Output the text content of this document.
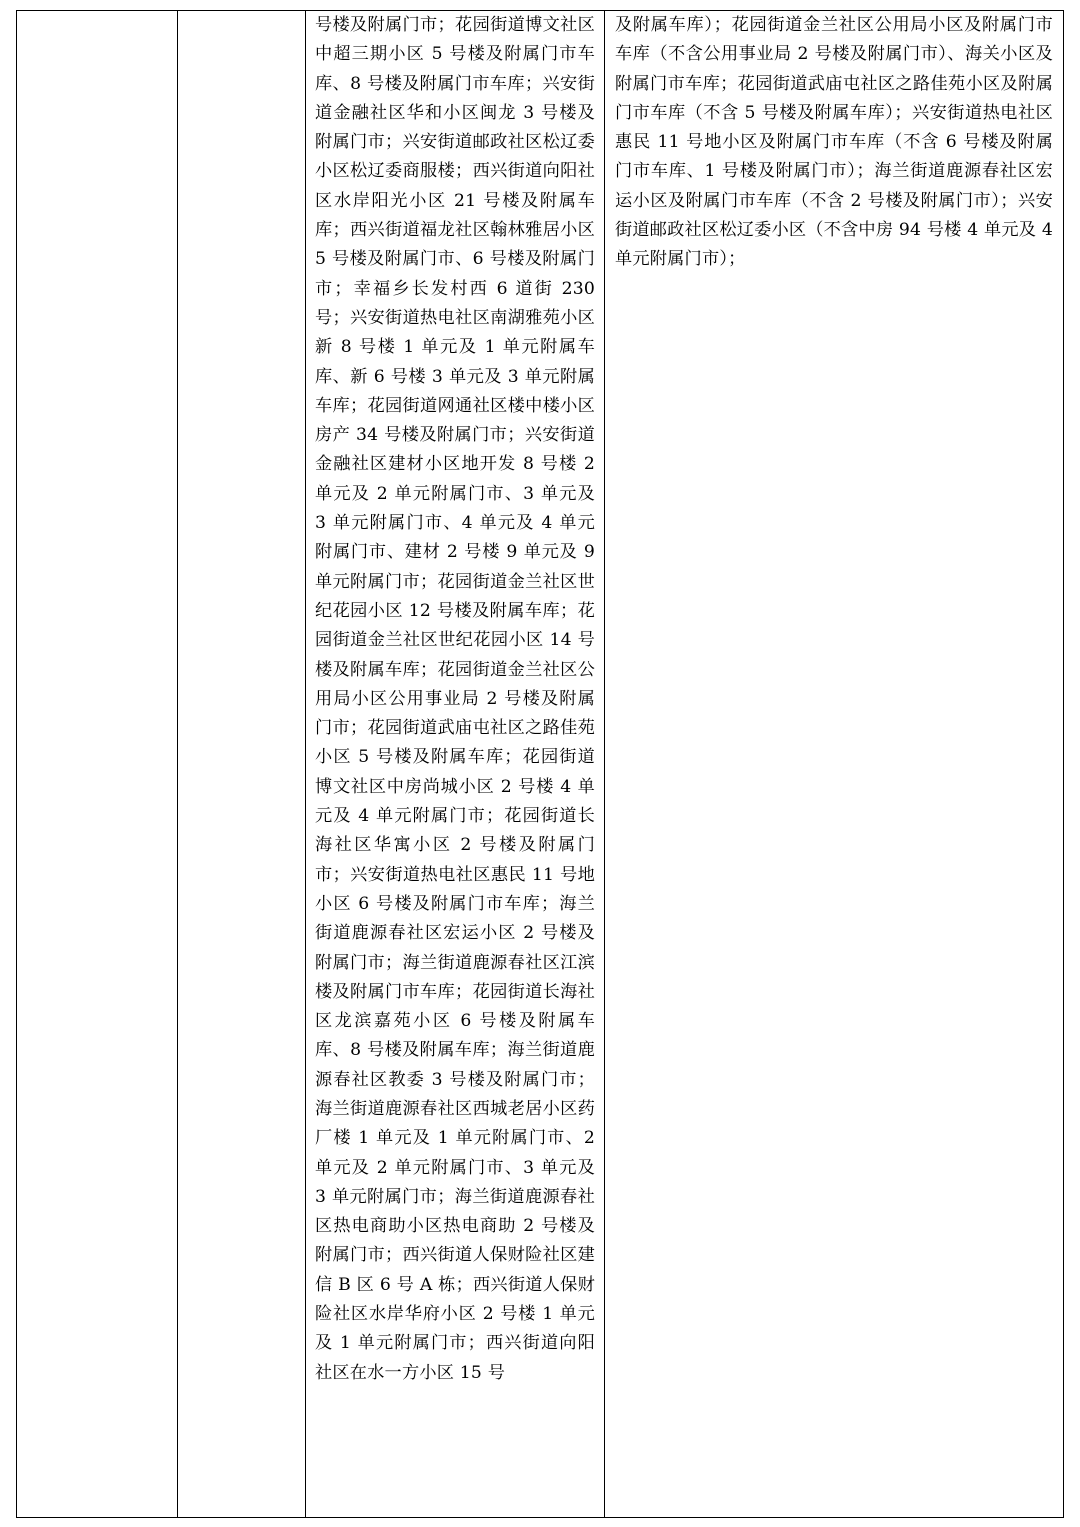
号楼及附属门市；花园街道博文社区中超三期小区 5 号楼及附属门市车库、8 号楼及附属门市车库；兴安街道金融社区华和小区闽龙 3 号楼及附属门市；兴安街道邮政社区松辽委小区松辽委商服楼；西兴街道向阳社区水岸阳光小区 21 号楼及附属车库；西兴街道福龙社区翰林雅居小区 5 号楼及附属门市、6 号楼及附属门市；幸福乡长发村西 6 道街 230 号；兴安街道热电社区南湖雅苑小区新 8 号楼 1 单元及 1 单元附属车库、新 6 号楼 3 单元及 3 单元附属车库；花园街道网通社区楼中楼小区房产 34 号楼及附属门市；兴安街道金融社区建材小区地开发 8 号楼 2 单元及 2 单元附属门市、3 单元及 3 单元附属门市、4 单元及 4 单元附属门市、建材 2 号楼 9 单元及 9 单元附属门市；花园街道金兰社区世纪花园小区 12 号楼及附属车库；花园街道金兰社区世纪花园小区 14 号楼及附属车库；花园街道金兰社区公用局小区公用事业局 2 号楼及附属门市；花园街道武庙屯社区之路佳苑小区 5 号楼及附属车库；花园街道博文社区中房尚城小区 2 号楼 4 单元及 4 单元附属门市；花园街道长海社区华寓小区 2 号楼及附属门市；兴安街道热电社区惠民 11 号地小区 6 号楼及附属门市车库；海兰街道鹿源春社区宏运小区 2 号楼及附属门市；海兰街道鹿源春社区江滨楼及附属门市车库；花园街道长海社区龙滨嘉苑小区 6 号楼及附属车库、8 号楼及附属车库；海兰街道鹿源春社区教委 3 号楼及附属门市；海兰街道鹿源春社区西城老居小区药厂楼 1 单元及 1 单元附属门市、2 单元及 2 单元附属门市、3 单元及 3 单元附属门市；海兰街道鹿源春社区热电商助小区热电商助 2 号楼及附属门市；西兴街道人保财险社区建信 B 区 6 号 A 栋；西兴街道人保财险社区水岸华府小区 2 号楼 1 单元及 1 单元附属门市；西兴街道向阳社区在水一方小区 15 号

及附属车库）；花园街道金兰社区公用局小区及附属门市车库（不含公用事业局 2 号楼及附属门市）、海关小区及附属门市车库；花园街道武庙屯社区之路佳苑小区及附属门市车库（不含 5 号楼及附属车库）；兴安街道热电社区惠民 11 号地小区及附属门市车库（不含 6 号楼及附属门市车库、1 号楼及附属门市）；海兰街道鹿源春社区宏运小区及附属门市车库（不含 2 号楼及附属门市）；兴安街道邮政社区松辽委小区（不含中房 94 号楼 4 单元及 4 单元附属门市）；
